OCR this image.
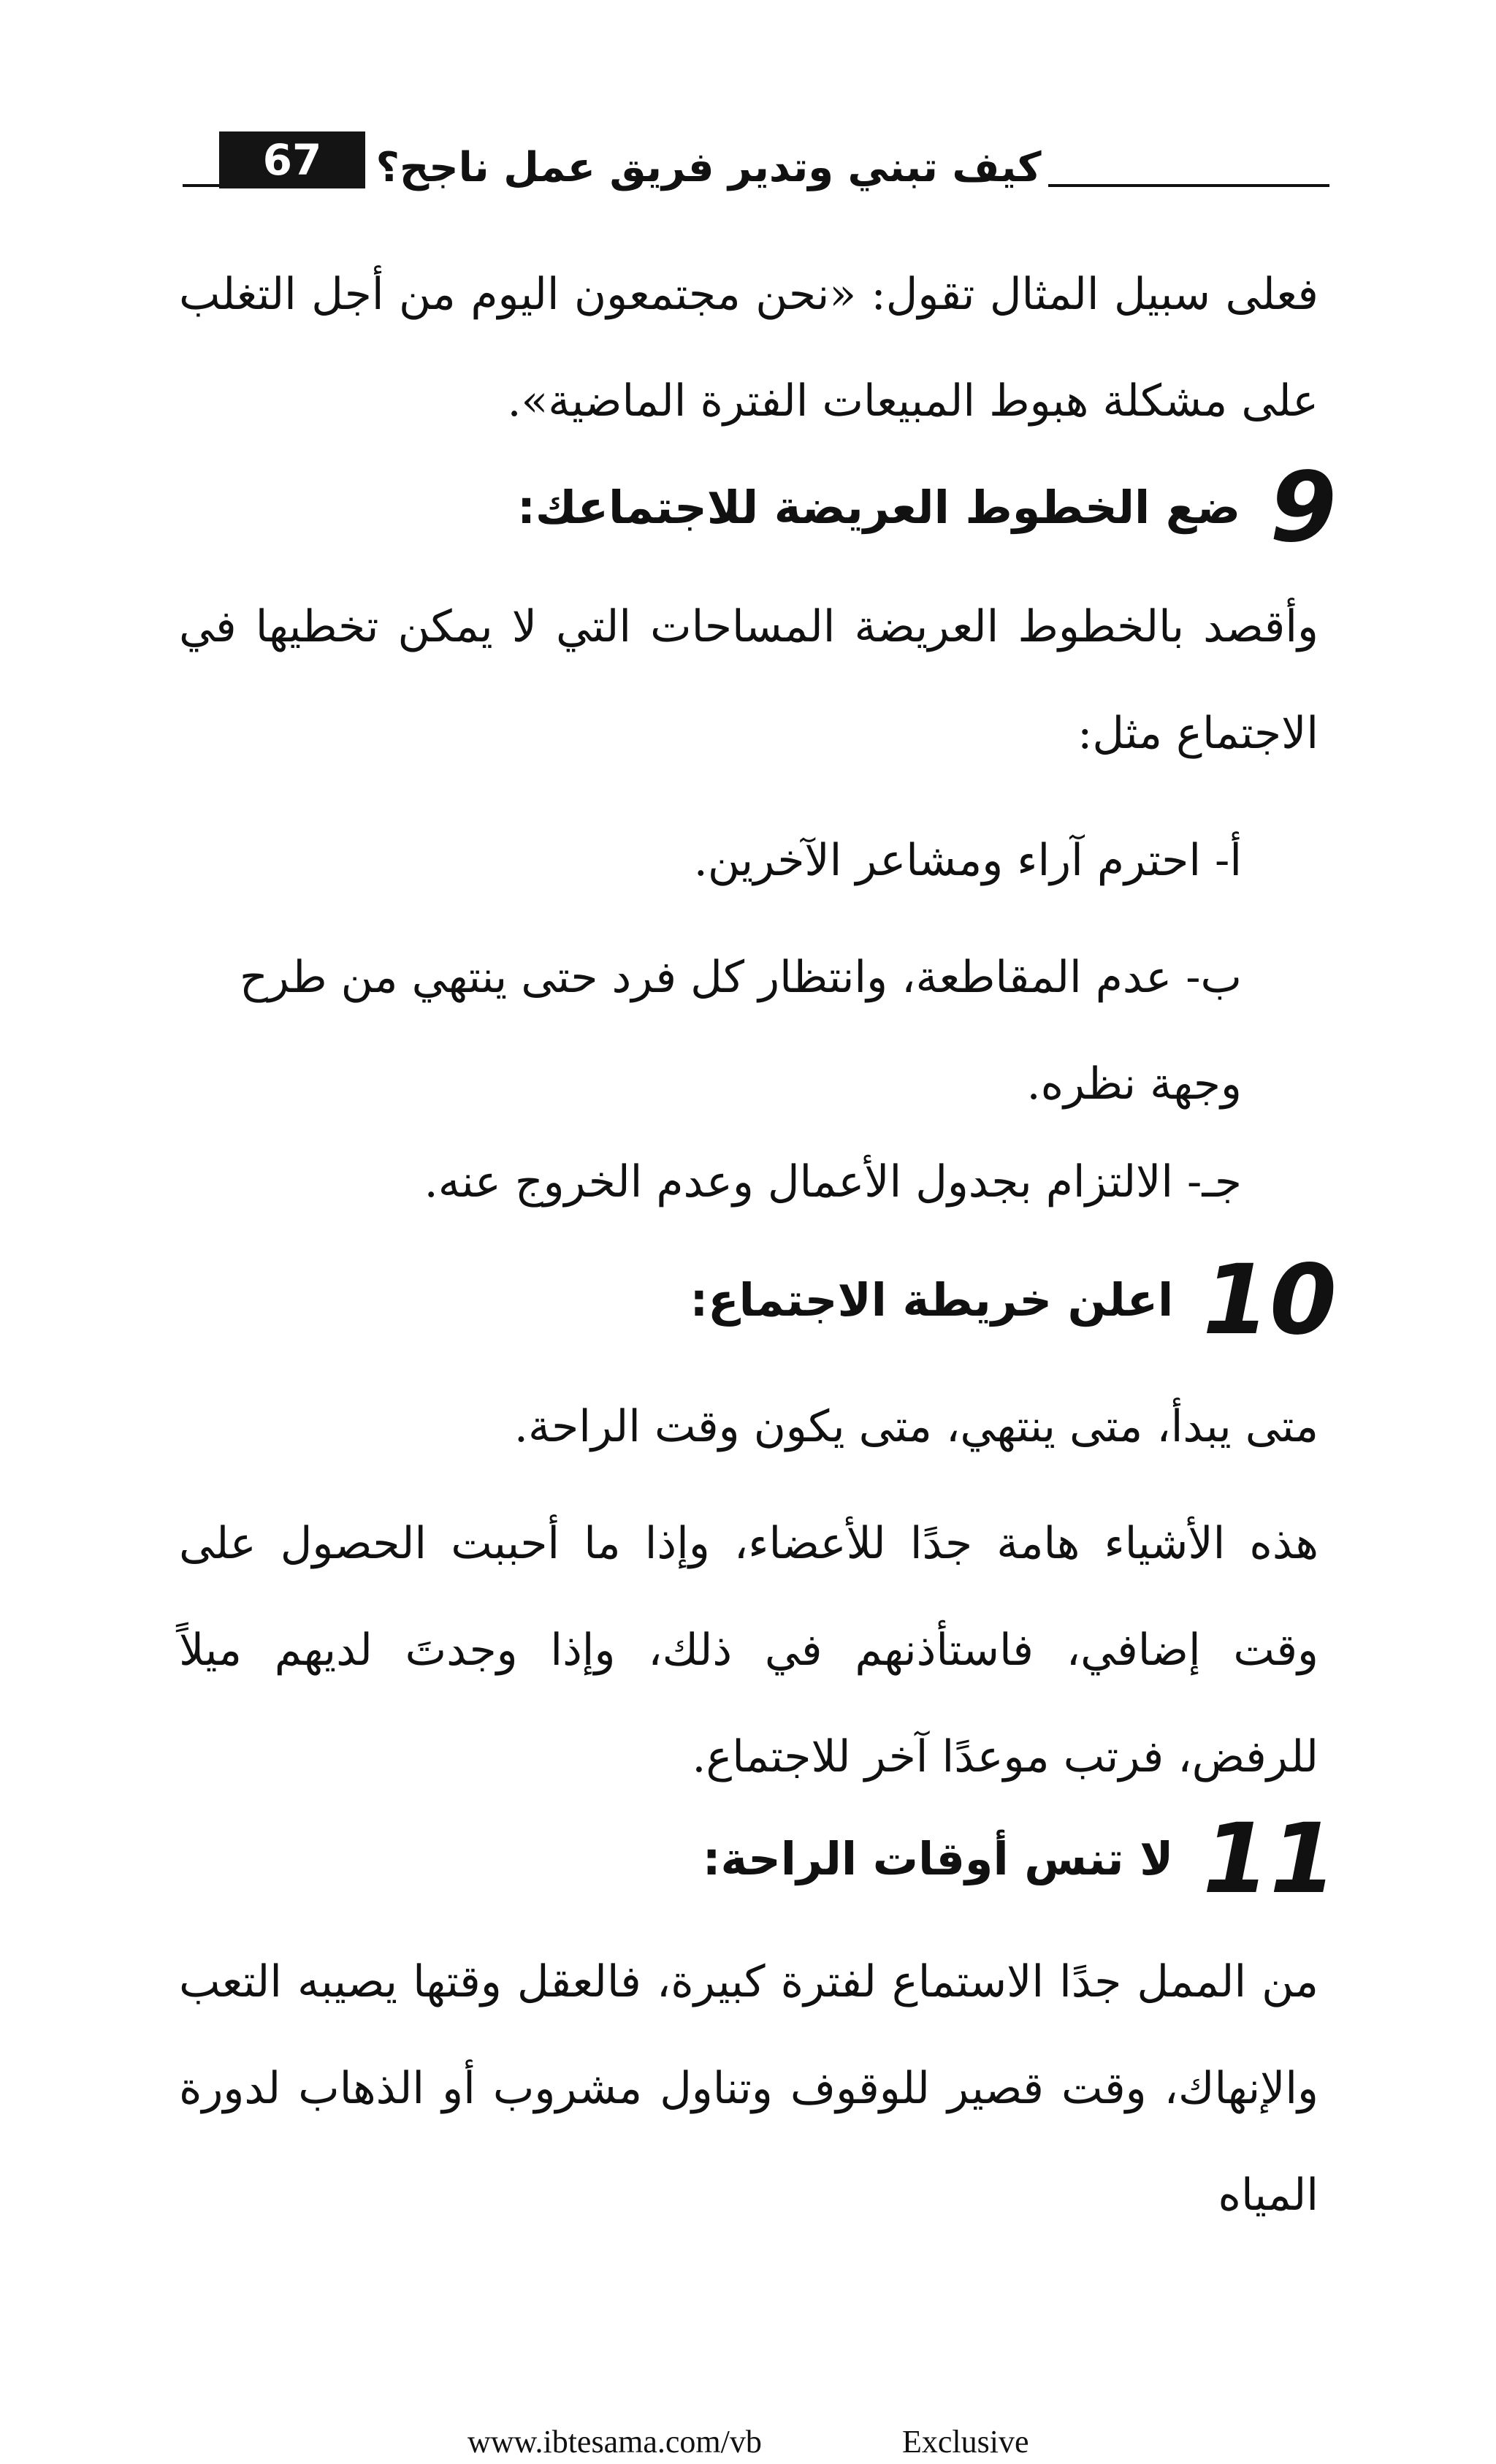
67	كيف تبني وتدير فريق عمل ناجح؟
فعلى سبيل المثال تقول: «نحن مجتمعون اليوم من أجل التغلب على مشكلة هبوط المبيعات الفترة الماضية».
9ضع الخطوط العريضة للاجتماعك:
وأقصد بالخطوط العريضة المساحات التي لا يمكن تخطيها في الاجتماع مثل:
أ- احترم آراء ومشاعر الآخرين.
ب- عدم المقاطعة، وانتظار كل فرد حتى ينتهي من طرح وجهة نظره.
جـ- الالتزام بجدول الأعمال وعدم الخروج عنه.
10اعلن خريطة الاجتماع:
متى يبدأ، متى ينتهي، متى يكون وقت الراحة.
هذه الأشياء هامة جدًا للأعضاء، وإذا ما أحببت الحصول على وقت إضافي، فاستأذنهم في ذلك، وإذا وجدتَ لديهم ميلاً للرفض، فرتب موعدًا آخر للاجتماع.
11لا تنس أوقات الراحة:
من الممل جدًا الاستماع لفترة كبيرة، فالعقل وقتها يصيبه التعب والإنهاك، وقت قصير للوقوف وتناول مشروب أو الذهاب لدورة المياه
www.ibtesama.com/vb	Exclusive
